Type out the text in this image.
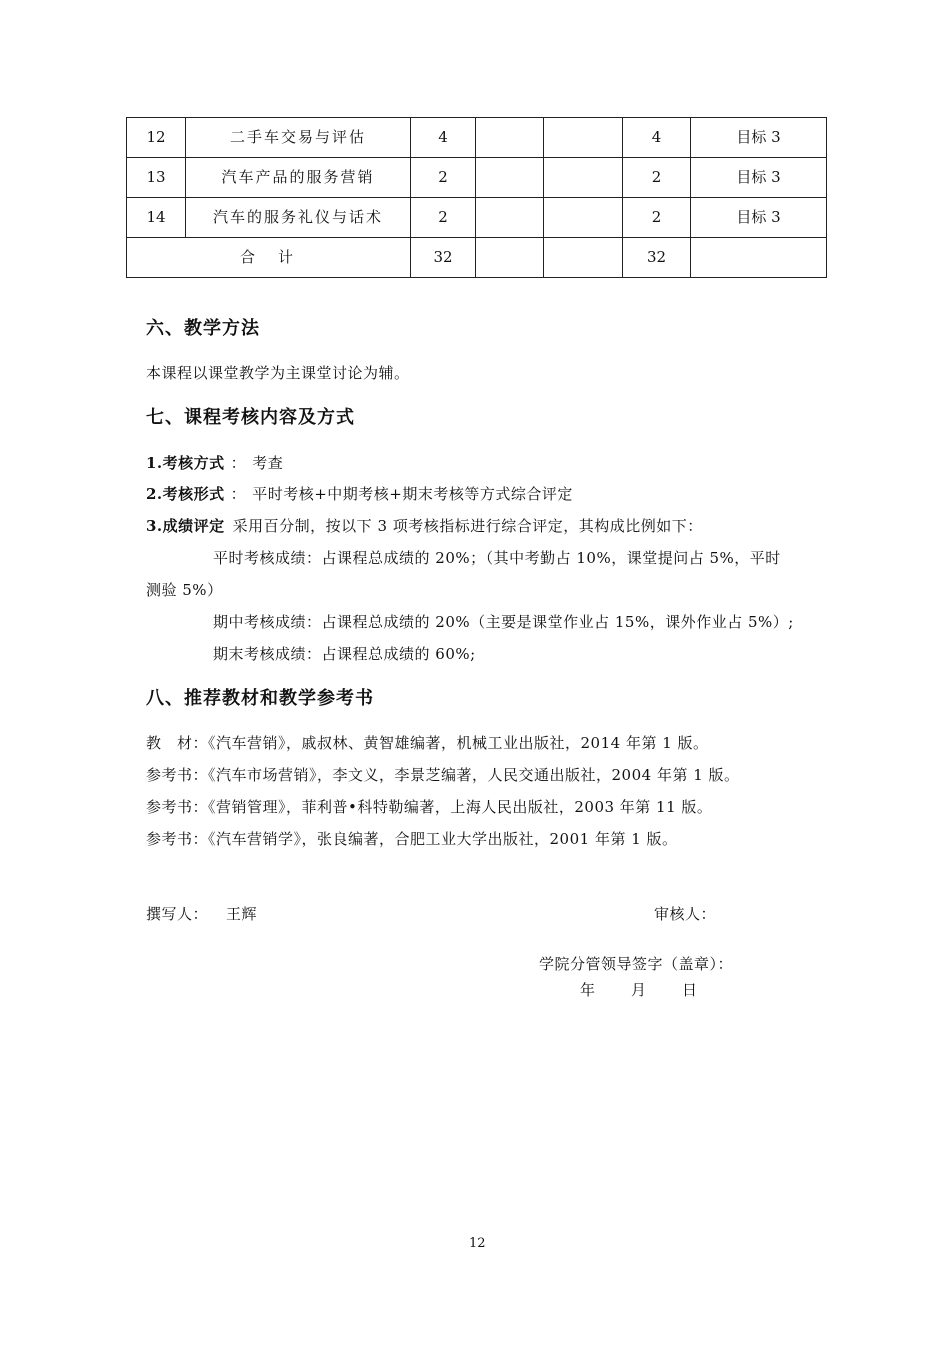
12	二手车交易与评估	4			4	目标 3
13	汽车产品的服务营销	2			2	目标 3
14	汽车的服务礼仪与话术	2			2	目标 3
合　计		32			32	
六、教学方法
本课程以课堂教学为主课堂讨论为辅。
七、课程考核内容及方式
1.考核方式 ： 考查
2.考核形式 ： 平时考核+中期考核+期末考核等方式综合评定
3.成绩评定 采用百分制，按以下 3 项考核指标进行综合评定，其构成比例如下：
平时考核成绩：占课程总成绩的 20%；（其中考勤占 10%，课堂提问占 5%，平时
测验 5%）
期中考核成绩：占课程总成绩的 20%（主要是课堂作业占 15%，课外作业占 5%）;
期末考核成绩：占课程总成绩的 60%;
八、推荐教材和教学参考书
教　材：《汽车营销》，戚叔林、黄智雄编著，机械工业出版社，2014 年第 1 版。
参考书：《汽车市场营销》，李文义，李景芝编著，人民交通出版社，2004 年第 1 版。
参考书：《营销管理》，菲利普•科特勒编著，上海人民出版社，2003 年第 11 版。
参考书：《汽车营销学》，张良编著，合肥工业大学出版社，2001 年第 1 版。
撰写人： 王辉	审核人：
学院分管领导签字（盖章）：
年　　月　　日
12
